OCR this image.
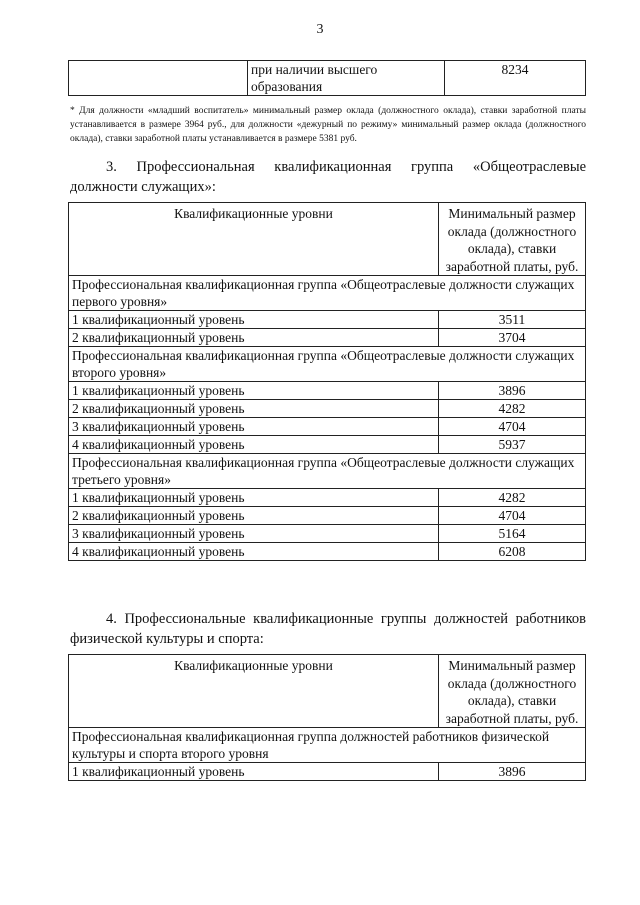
3
	при наличии высшего образования	8234
* Для должности «младший воспитатель» минимальный размер оклада (должностного оклада), ставки заработной платы устанавливается в размере 3964 руб., для должности «дежурный по режиму» минимальный размер оклада (должностного оклада), ставки заработной платы устанавливается в размере 5381 руб.
3. Профессиональная квалификационная группа «Общеотраслевые должности служащих»:
Квалификационные уровни	Минимальный размер оклада (должностного оклада), ставки заработной платы, руб.
Профессиональная квалификационная группа «Общеотраслевые должности служащих первого уровня»	
1 квалификационный уровень	3511
2 квалификационный уровень	3704
Профессиональная квалификационная группа «Общеотраслевые должности служащих второго уровня»	
1 квалификационный уровень	3896
2 квалификационный уровень	4282
3 квалификационный уровень	4704
4 квалификационный уровень	5937
Профессиональная квалификационная группа «Общеотраслевые должности служащих третьего уровня»	
1 квалификационный уровень	4282
2 квалификационный уровень	4704
3 квалификационный уровень	5164
4 квалификационный уровень	6208
4. Профессиональные квалификационные группы должностей работников физической культуры и спорта:
Квалификационные уровни	Минимальный размер оклада (должностного оклада), ставки заработной платы, руб.
Профессиональная квалификационная группа должностей работников физической культуры и спорта второго уровня	
1 квалификационный уровень	3896
